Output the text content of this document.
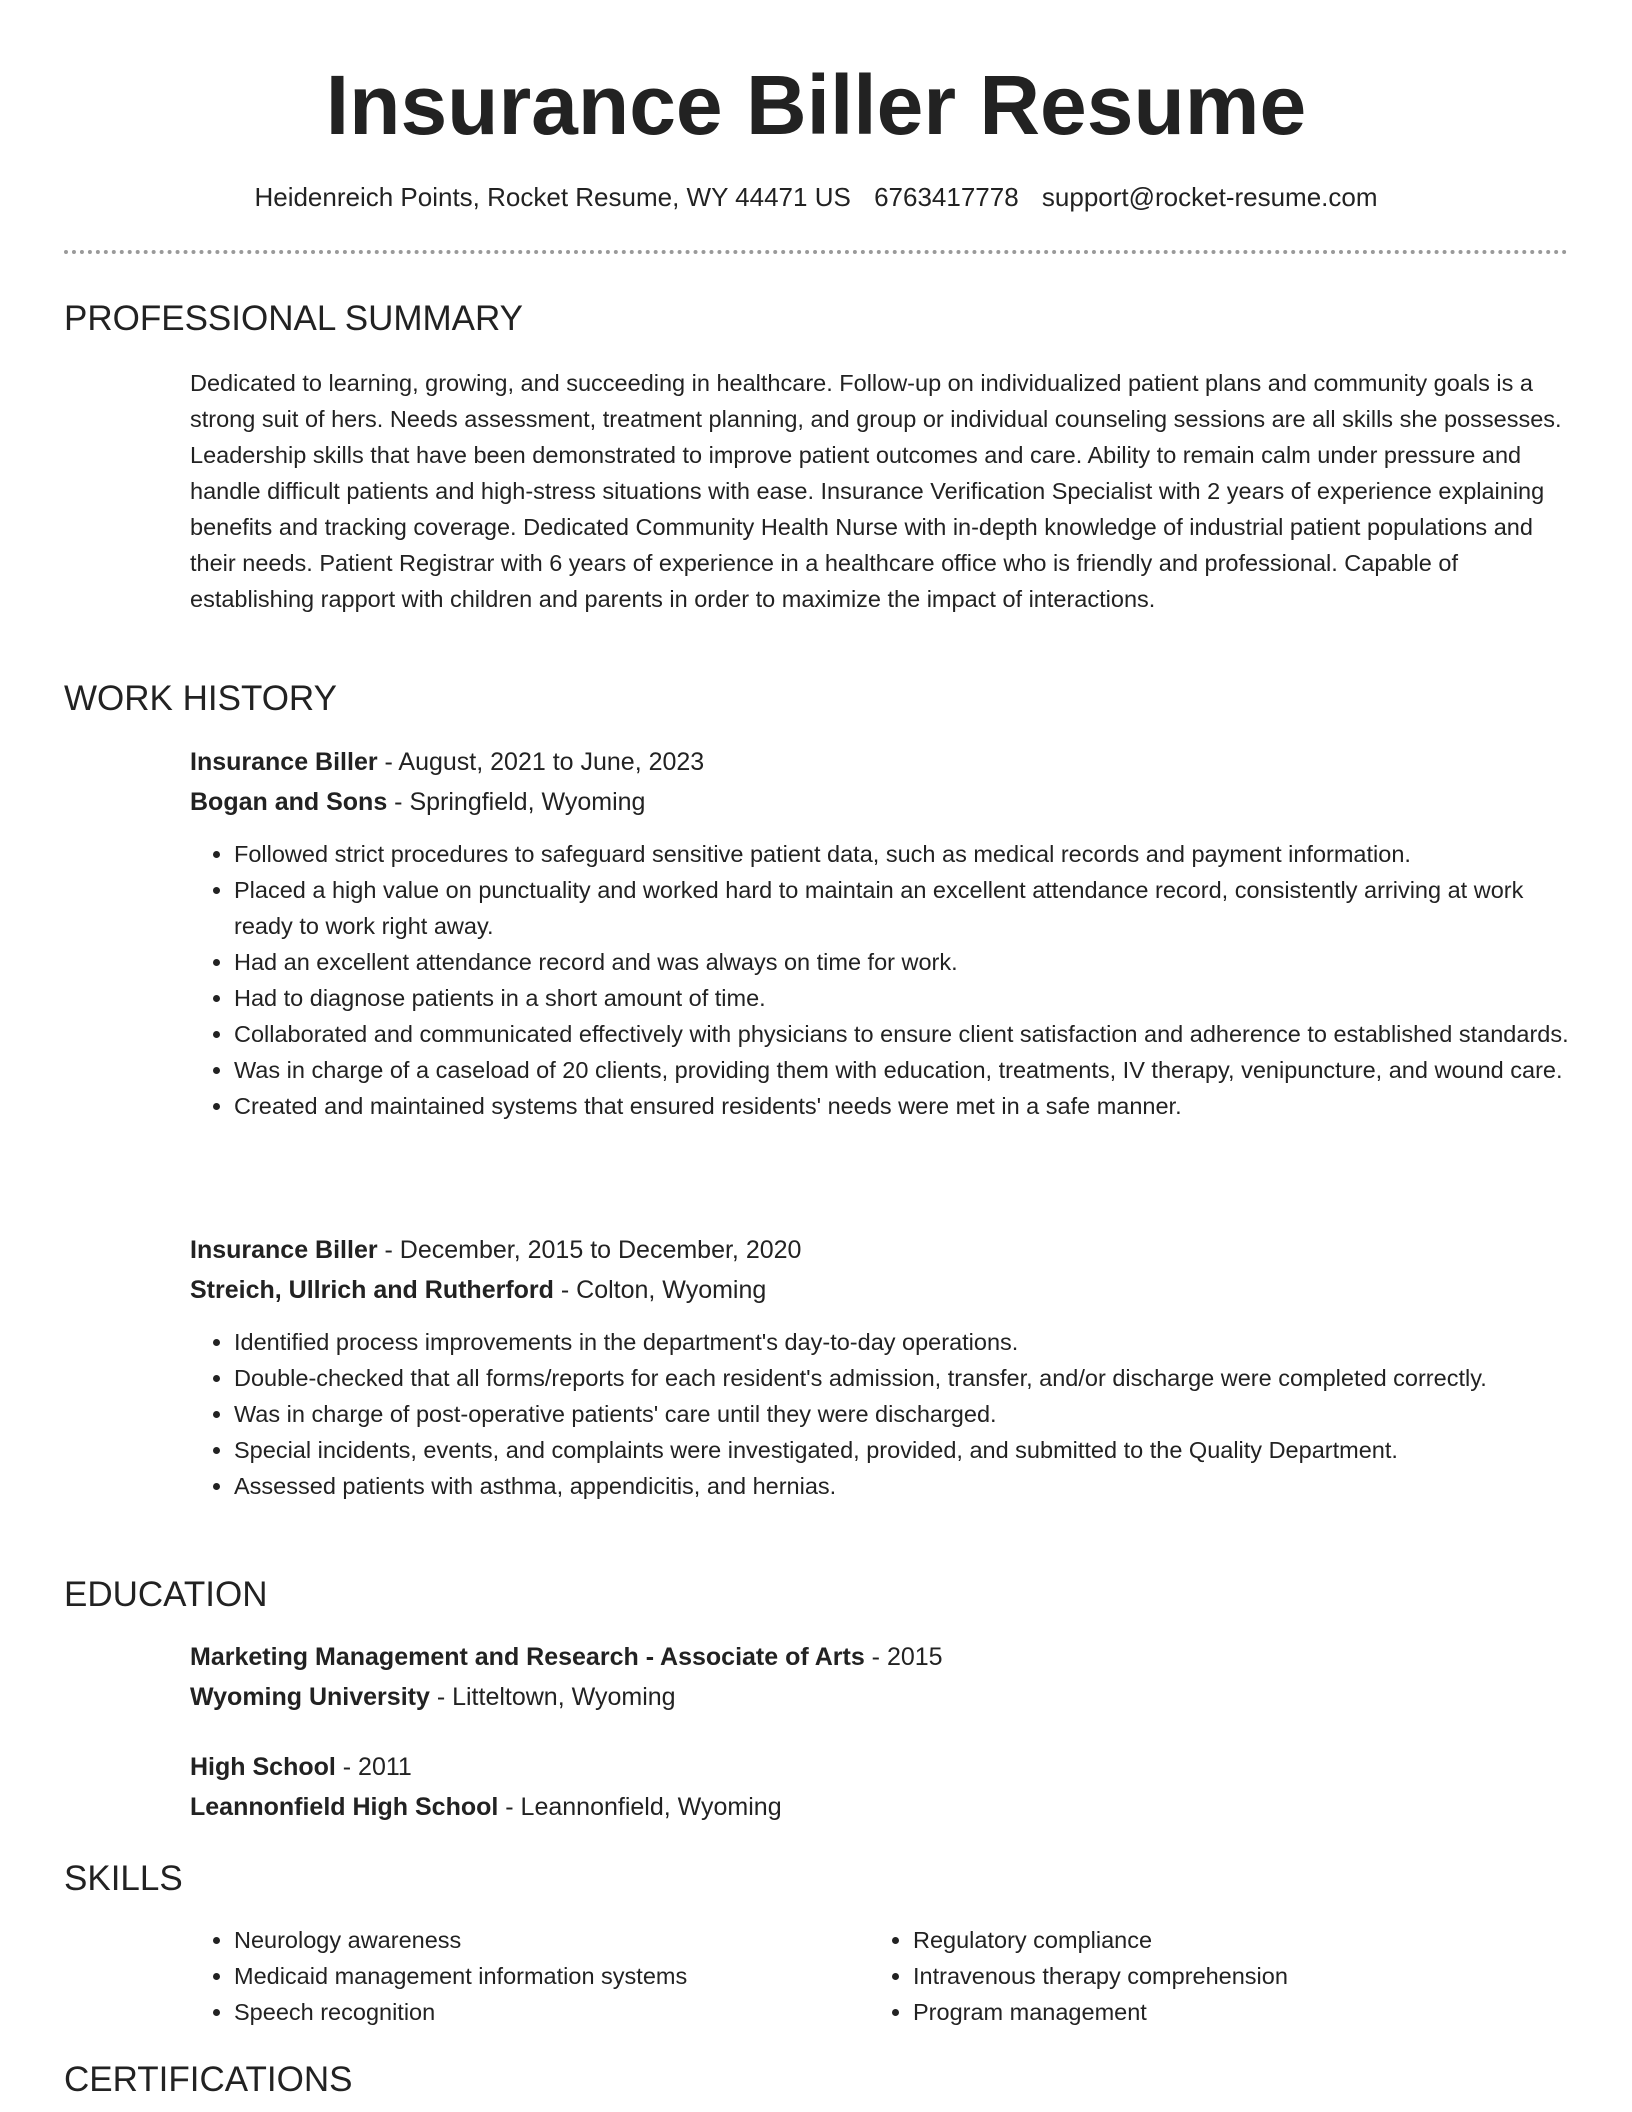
Insurance Biller Resume
Heidenreich Points, Rocket Resume, WY 44471 US 6763417778 support@rocket-resume.com
PROFESSIONAL SUMMARY

Dedicated to learning, growing, and succeeding in healthcare. Follow-up on individualized patient plans and community goals is a strong suit of hers. Needs assessment, treatment planning, and group or individual counseling sessions are all skills she possesses. Leadership skills that have been demonstrated to improve patient outcomes and care. Ability to remain calm under pressure and handle difficult patients and high-stress situations with ease. Insurance Verification Specialist with 2 years of experience explaining benefits and tracking coverage. Dedicated Community Health Nurse with in-depth knowledge of industrial patient populations and their needs. Patient Registrar with 6 years of experience in a healthcare office who is friendly and professional. Capable of establishing rapport with children and parents in order to maximize the impact of interactions.

WORK HISTORY

Insurance Biller - August, 2021 to June, 2023

Bogan and Sons - Springfield, Wyoming

• Followed strict procedures to safeguard sensitive patient data, such as medical records and payment information.
• Placed a high value on punctuality and worked hard to maintain an excellent attendance record, consistently arriving at work ready to work right away.
• Had an excellent attendance record and was always on time for work.
• Had to diagnose patients in a short amount of time.
• Collaborated and communicated effectively with physicians to ensure client satisfaction and adherence to established standards.
• Was in charge of a caseload of 20 clients, providing them with education, treatments, IV therapy, venipuncture, and wound care.
• Created and maintained systems that ensured residents' needs were met in a safe manner.

Insurance Biller - December, 2015 to December, 2020

Streich, Ullrich and Rutherford - Colton, Wyoming

• Identified process improvements in the department's day-to-day operations.
• Double-checked that all forms/reports for each resident's admission, transfer, and/or discharge were completed correctly.
• Was in charge of post-operative patients' care until they were discharged.
• Special incidents, events, and complaints were investigated, provided, and submitted to the Quality Department.
• Assessed patients with asthma, appendicitis, and hernias.
EDUCATION

Marketing Management and Research - Associate of Arts - 2015

Wyoming University - Litteltown, Wyoming

High School - 2011

Leannonfield High School - Leannonfield, Wyoming

SKILLS
• Neurology awareness
• Medicaid management information systems
• Speech recognition
• Regulatory compliance
• Intravenous therapy comprehension
• Program management
CERTIFICATIONS
